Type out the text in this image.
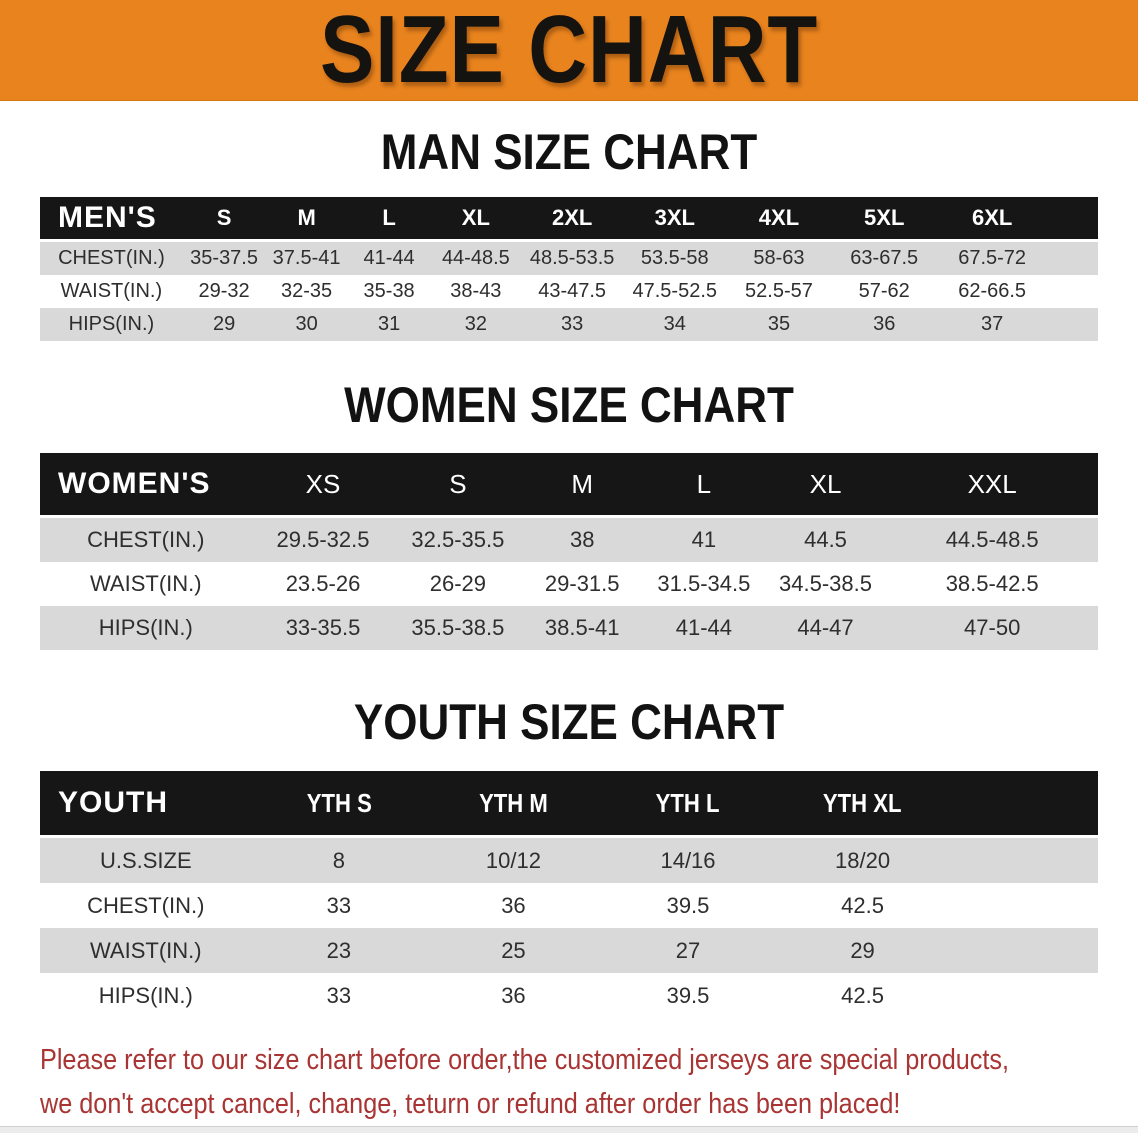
SIZE CHART
MAN SIZE CHART
MEN'S	S	M	L	XL	2XL	3XL	4XL	5XL	6XL	
CHEST(IN.)	35-37.5	37.5-41	41-44	44-48.5	48.5-53.5	53.5-58	58-63	63-67.5	67.5-72	
WAIST(IN.)	29-32	32-35	35-38	38-43	43-47.5	47.5-52.5	52.5-57	57-62	62-66.5	
HIPS(IN.)	29	30	31	32	33	34	35	36	37	
WOMEN SIZE CHART
WOMEN'S	XS	S	M	L	XL	XXL
CHEST(IN.)	29.5-32.5	32.5-35.5	38	41	44.5	44.5-48.5
WAIST(IN.)	23.5-26	26-29	29-31.5	31.5-34.5	34.5-38.5	38.5-42.5
HIPS(IN.)	33-35.5	35.5-38.5	38.5-41	41-44	44-47	47-50
YOUTH SIZE CHART
YOUTH	YTH S	YTH M	YTH L	YTH XL	
U.S.SIZE	8	10/12	14/16	18/20	
CHEST(IN.)	33	36	39.5	42.5	
WAIST(IN.)	23	25	27	29	
HIPS(IN.)	33	36	39.5	42.5	
Please refer to our size chart before order,the customized jerseys are special products,
we don't accept cancel, change, teturn or refund after order has been placed!
